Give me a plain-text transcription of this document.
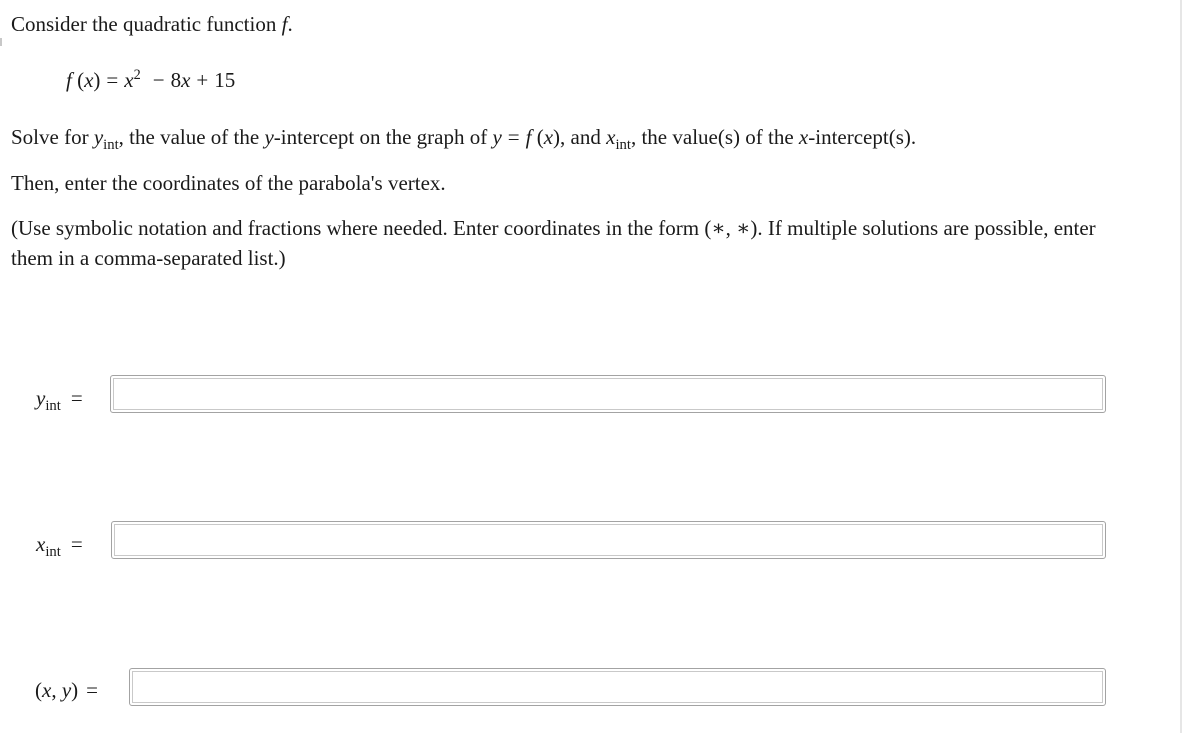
Consider the quadratic function f.
f $(x) = x^2 - 8x + 15$
Solve for $y_{int}$, the value of the y-intercept on the graph of y = f (x), and $x_{int}$, the value(s) of the x-intercept(s).
Then, enter the coordinates of the parabola's vertex.
(Use symbolic notation and fractions where needed. Enter coordinates in the form (∗, ∗). If multiple solutions are possible, enter
them in a comma-separated list.)
$y_{int}$ =
$x_{int}$ =
(x, y) =
